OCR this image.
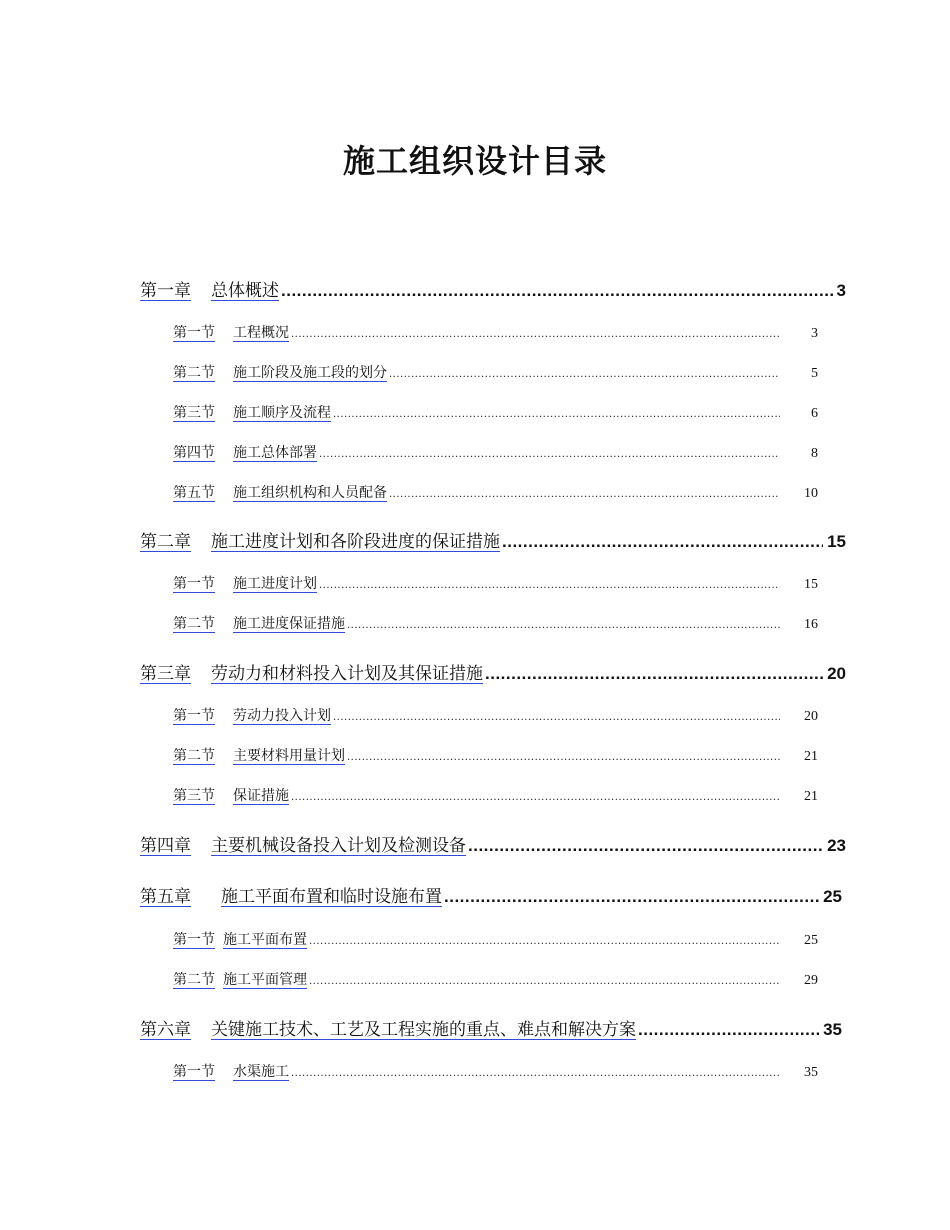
施工组织设计目录
第一章 总体概述 .....	3
第一节 工程概况 .....	3
第二节 施工阶段及施工段的划分 .....	5
第三节 施工顺序及流程 .....	6
第四节 施工总体部署 .....	8
第五节 施工组织机构和人员配备 .....	10
第二章 施工进度计划和各阶段进度的保证措施 .....	15
第一节 施工进度计划 .....	15
第二节 施工进度保证措施 .....	16
第三章 劳动力和材料投入计划及其保证措施 .....	20
第一节 劳动力投入计划 .....	20
第二节 主要材料用量计划 .....	21
第三节 保证措施 .....	21
第四章 主要机械设备投入计划及检测设备 .....	23
第五章 施工平面布置和临时设施布置 .....	25
第一节 施工平面布置 .....	25
第二节 施工平面管理 .....	29
第六章 关键施工技术、工艺及工程实施的重点、难点和解决方案 .....	35
第一节 水渠施工 .....	35
